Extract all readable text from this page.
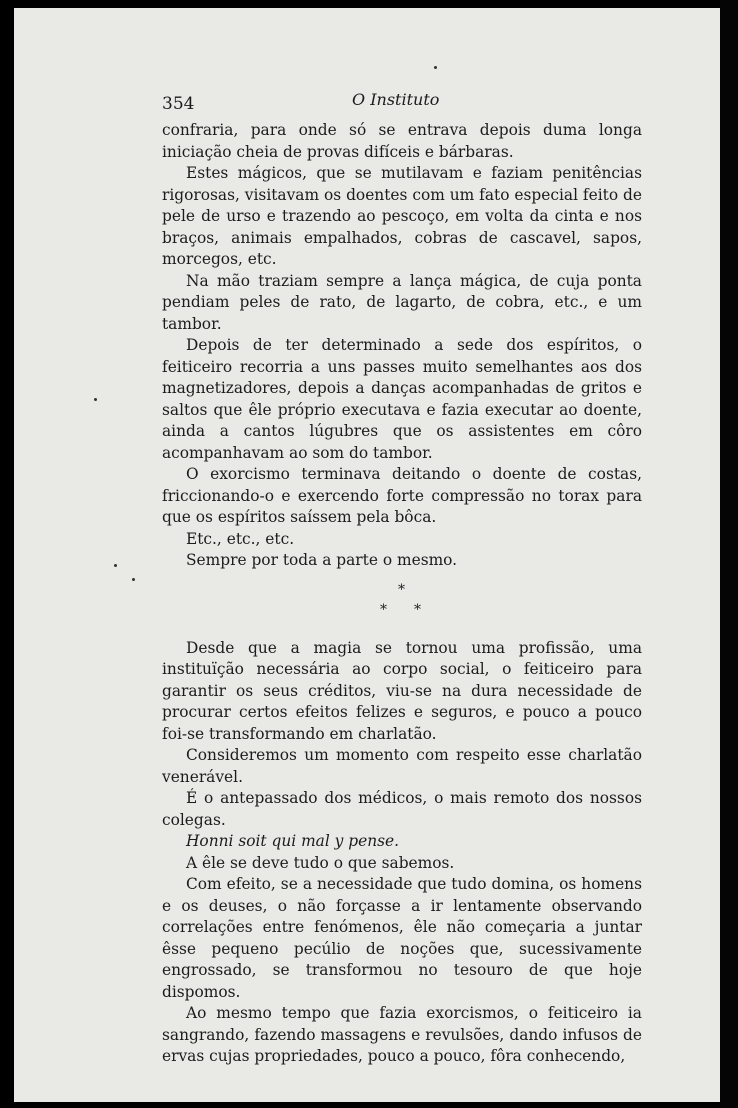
354	O Instituto

confraria, para onde só se entrava depois duma longa iniciação cheia de provas difíceis e bárbaras.

Estes mágicos, que se mutilavam e faziam penitências rigorosas, visitavam os doentes com um fato especial feito de pele de urso e trazendo ao pescoço, em volta da cinta e nos braços, animais empalhados, cobras de cascavel, sapos, morcegos, etc.

Na mão traziam sempre a lança mágica, de cuja ponta pendiam peles de rato, de lagarto, de cobra, etc., e um tambor.

Depois de ter determinado a sede dos espíritos, o feiticeiro recorria a uns passes muito semelhantes aos dos magnetizadores, depois a danças acompanhadas de gritos e saltos que êle próprio executava e fazia executar ao doente, ainda a cantos lúgubres que os assistentes em côro acompanhavam ao som do tambor.

O exorcismo terminava deitando o doente de costas, friccionando-o e exercendo forte compressão no torax para que os espíritos saíssem pela bôca.

Etc., etc., etc.

Sempre por toda a parte o mesmo.

*
* *

Desde que a magia se tornou uma profissão, uma instituïção necessária ao corpo social, o feiticeiro para garantir os seus créditos, viu-se na dura necessidade de procurar certos efeitos felizes e seguros, e pouco a pouco foi-se transformando em charlatão.

Consideremos um momento com respeito esse charlatão venerável.

É o antepassado dos médicos, o mais remoto dos nossos colegas.

Honni soit qui mal y pense.

A êle se deve tudo o que sabemos.

Com efeito, se a necessidade que tudo domina, os homens e os deuses, o não forçasse a ir lentamente observando correlações entre fenómenos, êle não começaria a juntar êsse pequeno pecúlio de noções que, sucessivamente engrossado, se transformou no tesouro de que hoje dispomos.

Ao mesmo tempo que fazia exorcismos, o feiticeiro ia sangrando, fazendo massagens e revulsões, dando infusos de ervas cujas propriedades, pouco a pouco, fôra conhecendo,
